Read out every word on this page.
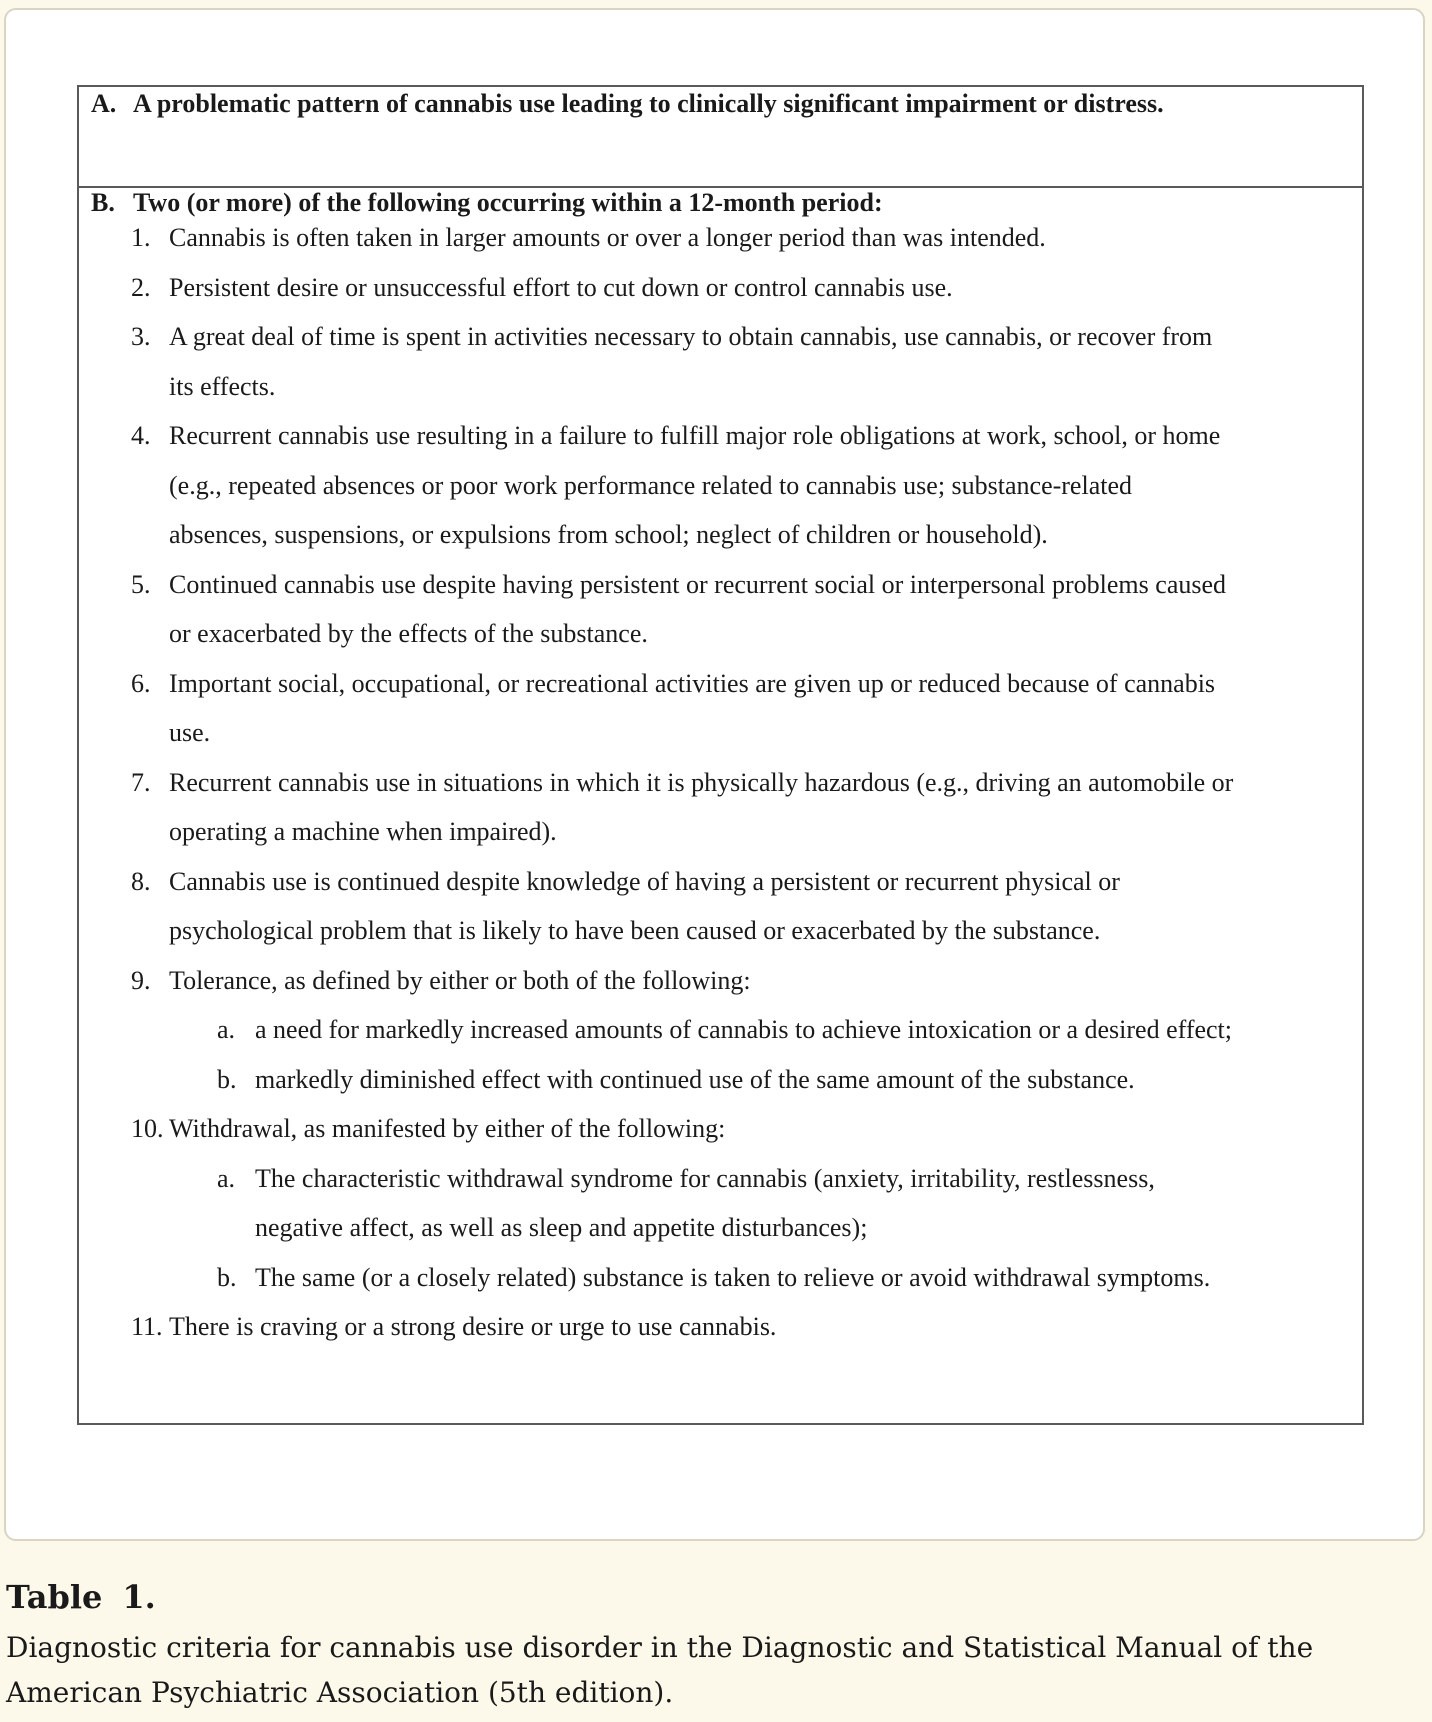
A. A problematic pattern of cannabis use leading to clinically significant impairment or distress.
B. Two (or more) of the following occurring within a 12-month period:
1. Cannabis is often taken in larger amounts or over a longer period than was intended.
2. Persistent desire or unsuccessful effort to cut down or control cannabis use.
3. A great deal of time is spent in activities necessary to obtain cannabis, use cannabis, or recover from
its effects.
4. Recurrent cannabis use resulting in a failure to fulfill major role obligations at work, school, or home
(e.g., repeated absences or poor work performance related to cannabis use; substance-related
absences, suspensions, or expulsions from school; neglect of children or household).
5. Continued cannabis use despite having persistent or recurrent social or interpersonal problems caused
or exacerbated by the effects of the substance.
6. Important social, occupational, or recreational activities are given up or reduced because of cannabis
use.
7. Recurrent cannabis use in situations in which it is physically hazardous (e.g., driving an automobile or
operating a machine when impaired).
8. Cannabis use is continued despite knowledge of having a persistent or recurrent physical or
psychological problem that is likely to have been caused or exacerbated by the substance.
9. Tolerance, as defined by either or both of the following:
a. a need for markedly increased amounts of cannabis to achieve intoxication or a desired effect;
b. markedly diminished effect with continued use of the same amount of the substance.
10. Withdrawal, as manifested by either of the following:
a. The characteristic withdrawal syndrome for cannabis (anxiety, irritability, restlessness,
negative affect, as well as sleep and appetite disturbances);
b. The same (or a closely related) substance is taken to relieve or avoid withdrawal symptoms.
11. There is craving or a strong desire or urge to use cannabis.
Table 1.
Diagnostic criteria for cannabis use disorder in the Diagnostic and Statistical Manual of the American Psychiatric Association (5th edition).
